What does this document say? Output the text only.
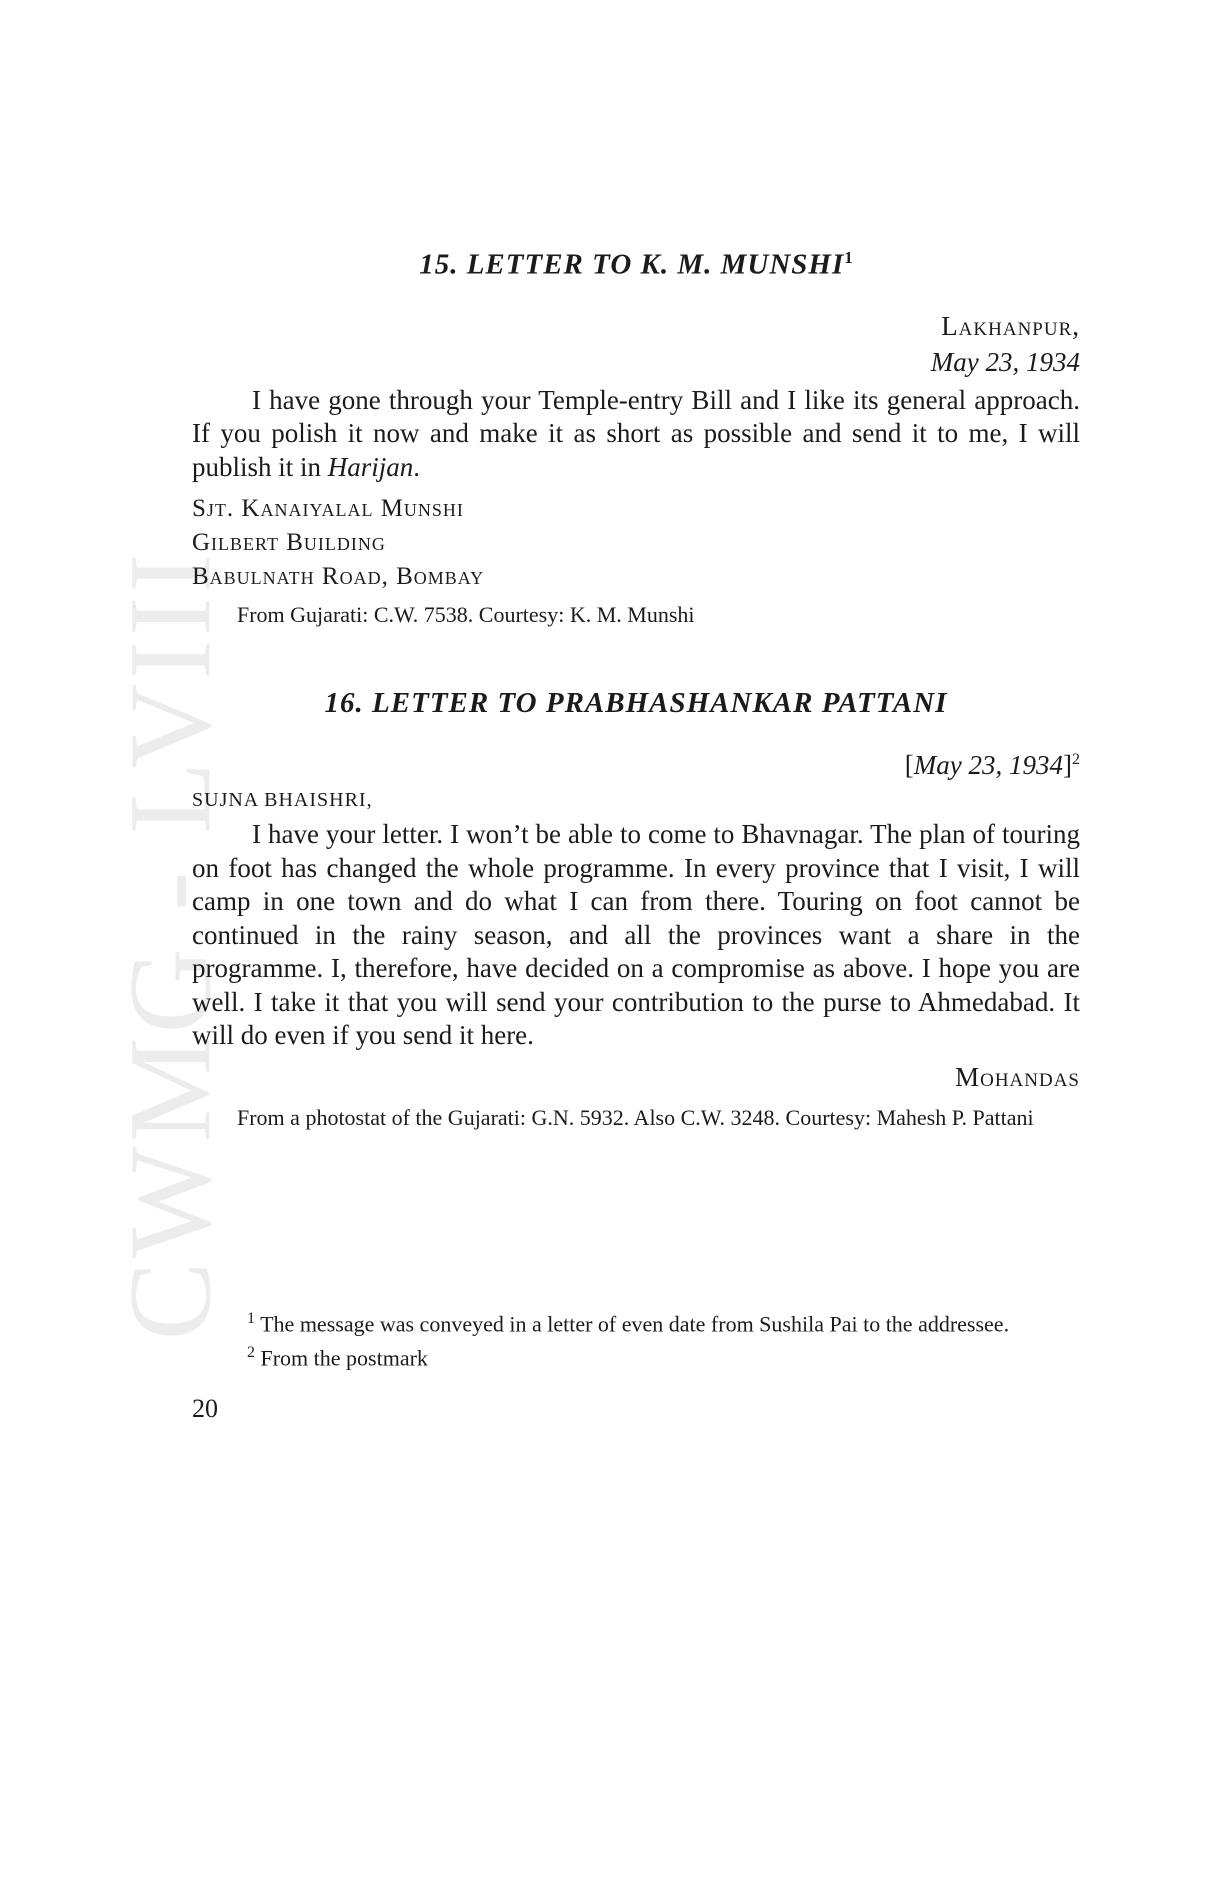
CWMG - LVIII
15. LETTER TO K. M. MUNSHI$^1$
Lakhanpur,
May 23, 1934

I have gone through your Temple-entry Bill and I like its general approach. If you polish it now and make it as short as possible and send it to me, I will publish it in Harijan.

Sjt. Kanaiyalal Munshi
Gilbert Building
Babulnath Road, Bombay

From Gujarati: C.W. 7538. Courtesy: K. M. Munshi

16. LETTER TO PRABHASHANKAR PATTANI
[May 23, 1934]$^2$
SUJNA BHAISHRI,

I have your letter. I won’t be able to come to Bhavnagar. The plan of touring on foot has changed the whole programme. In every province that I visit, I will camp in one town and do what I can from there. Touring on foot cannot be continued in the rainy season, and all the provinces want a share in the programme. I, therefore, have decided on a compromise as above. I hope you are well. I take it that you will send your contribution to the purse to Ahmedabad. It will do even if you send it here.

Mohandas

From a photostat of the Gujarati: G.N. 5932. Also C.W. 3248. Courtesy: Mahesh P. Pattani

$^1$ The message was conveyed in a letter of even date from Sushila Pai to the addressee.

$^2$ From the postmark

20
